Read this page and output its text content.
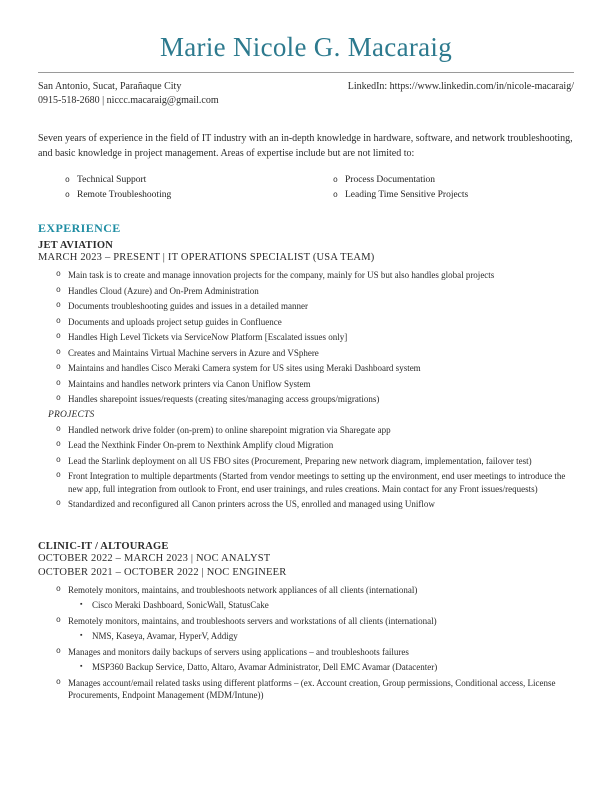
Marie Nicole G. Macaraig
San Antonio, Sucat, Parañaque City
0915-518-2680 | niccc.macaraig@gmail.com
LinkedIn: https://www.linkedin.com/in/nicole-macaraig/

Seven years of experience in the field of IT industry with an in-depth knowledge in hardware, software, and network troubleshooting, and basic knowledge in project management. Areas of expertise include but are not limited to:

o Technical Support
o Remote Troubleshooting
o Process Documentation
o Leading Time Sensitive Projects
EXPERIENCE
JET AVIATION
MARCH 2023 – PRESENT | IT OPERATIONS SPECIALIST (USA TEAM)
o Main task is to create and manage innovation projects for the company, mainly for US but also handles global projects
o Handles Cloud (Azure) and On-Prem Administration
o Documents troubleshooting guides and issues in a detailed manner
o Documents and uploads project setup guides in Confluence
o Handles High Level Tickets via ServiceNow Platform [Escalated issues only]
o Creates and Maintains Virtual Machine servers in Azure and VSphere
o Maintains and handles Cisco Meraki Camera system for US sites using Meraki Dashboard system
o Maintains and handles network printers via Canon Uniflow System
o Handles sharepoint issues/requests (creating sites/managing access groups/migrations)
PROJECTS
o Handled network drive folder (on-prem) to online sharepoint migration via Sharegate app
o Lead the Nexthink Finder On-prem to Nexthink Amplify cloud Migration
o Lead the Starlink deployment on all US FBO sites (Procurement, Preparing new network diagram, implementation, failover test)
o Front Integration to multiple departments (Started from vendor meetings to setting up the environment, end user meetings to introduce the new app, full integration from outlook to Front, end user trainings, and rules creations. Main contact for any Front issues/requests)
o Standardized and reconfigured all Canon printers across the US, enrolled and managed using Uniflow
CLINIC-IT / ALTOURAGE
OCTOBER 2022 – MARCH 2023 | NOC ANALYST
OCTOBER 2021 – OCTOBER 2022 | NOC ENGINEER
o Remotely monitors, maintains, and troubleshoots network appliances of all clients (international)
▪ Cisco Meraki Dashboard, SonicWall, StatusCake
o Remotely monitors, maintains, and troubleshoots servers and workstations of all clients (international)
▪ NMS, Kaseya, Avamar, HyperV, Addigy
o Manages and monitors daily backups of servers using applications – and troubleshoots failures
▪ MSP360 Backup Service, Datto, Altaro, Avamar Administrator, Dell EMC Avamar (Datacenter)
o Manages account/email related tasks using different platforms – (ex. Account creation, Group permissions, Conditional access, License Procurements, Endpoint Management (MDM/Intune))
